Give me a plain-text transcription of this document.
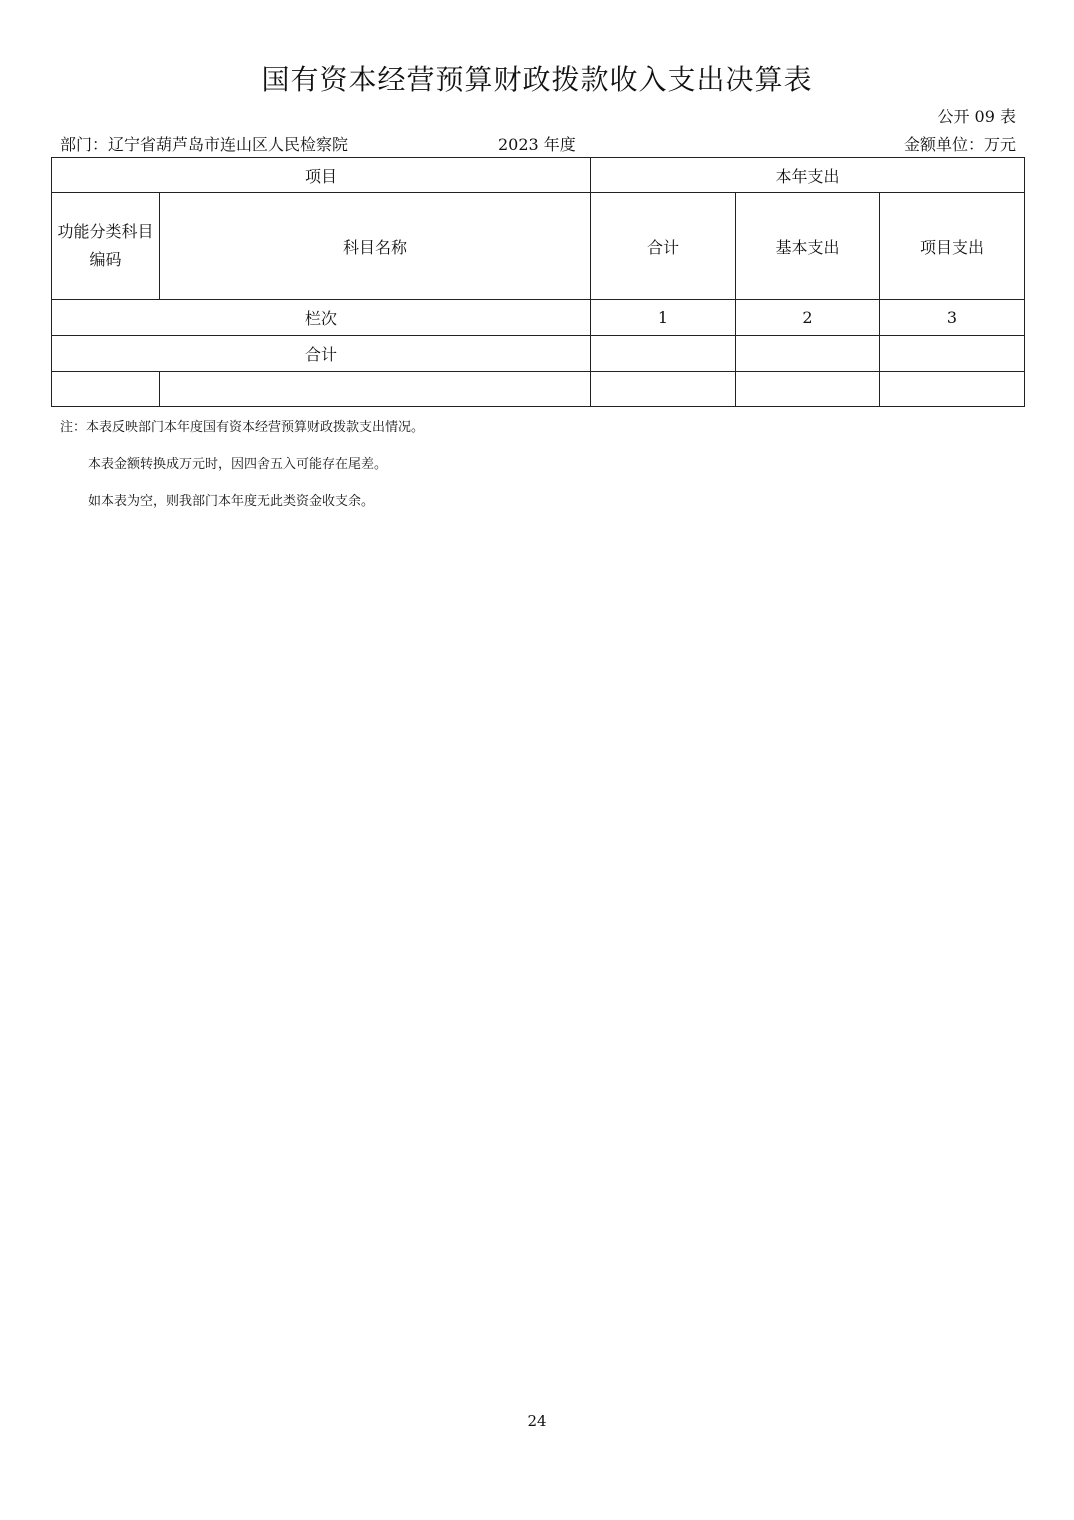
国有资本经营预算财政拨款收入支出决算表
公开 09 表
部门：辽宁省葫芦岛市连山区人民检察院	2023 年度	金额单位：万元
项目		本年支出		
功能分类科目编码	科目名称	合计	基本支出	项目支出
栏次		1	2	3
合计				

注：本表反映部门本年度国有资本经营预算财政拨款支出情况。
本表金额转换成万元时，因四舍五入可能存在尾差。
如本表为空，则我部门本年度无此类资金收支余。
24
